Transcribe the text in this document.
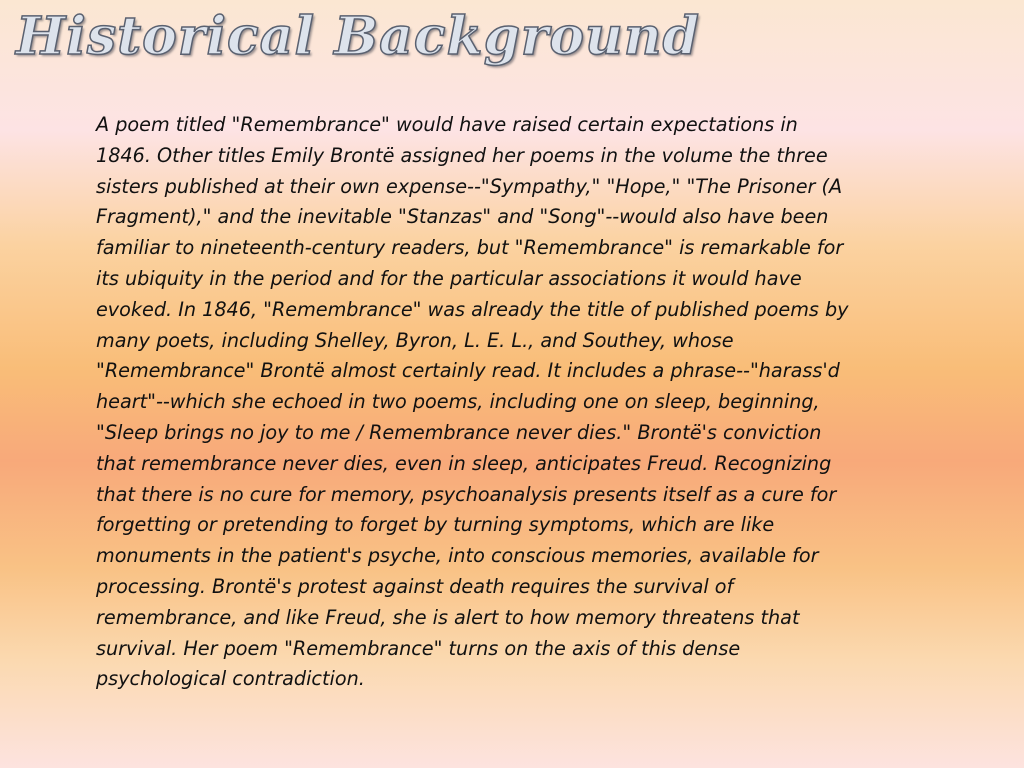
Historical Background

A poem titled "Remembrance" would have raised certain expectations in 1846. Other titles Emily Brontë assigned her poems in the volume the three sisters published at their own expense--"Sympathy," "Hope," "The Prisoner (A Fragment)," and the inevitable "Stanzas" and "Song"--would also have been familiar to nineteenth-century readers, but "Remembrance" is remarkable for its ubiquity in the period and for the particular associations it would have evoked. In 1846, "Remembrance" was already the title of published poems by many poets, including Shelley, Byron, L. E. L., and Southey, whose "Remembrance" Brontë almost certainly read. It includes a phrase--"harass'd heart"--which she echoed in two poems, including one on sleep, beginning, "Sleep brings no joy to me / Remembrance never dies." Brontë's conviction that remembrance never dies, even in sleep, anticipates Freud. Recognizing that there is no cure for memory, psychoanalysis presents itself as a cure for forgetting or pretending to forget by turning symptoms, which are like monuments in the patient's psyche, into conscious memories, available for processing. Brontë's protest against death requires the survival of remembrance, and like Freud, she is alert to how memory threatens that survival. Her poem "Remembrance" turns on the axis of this dense psychological contradiction.
